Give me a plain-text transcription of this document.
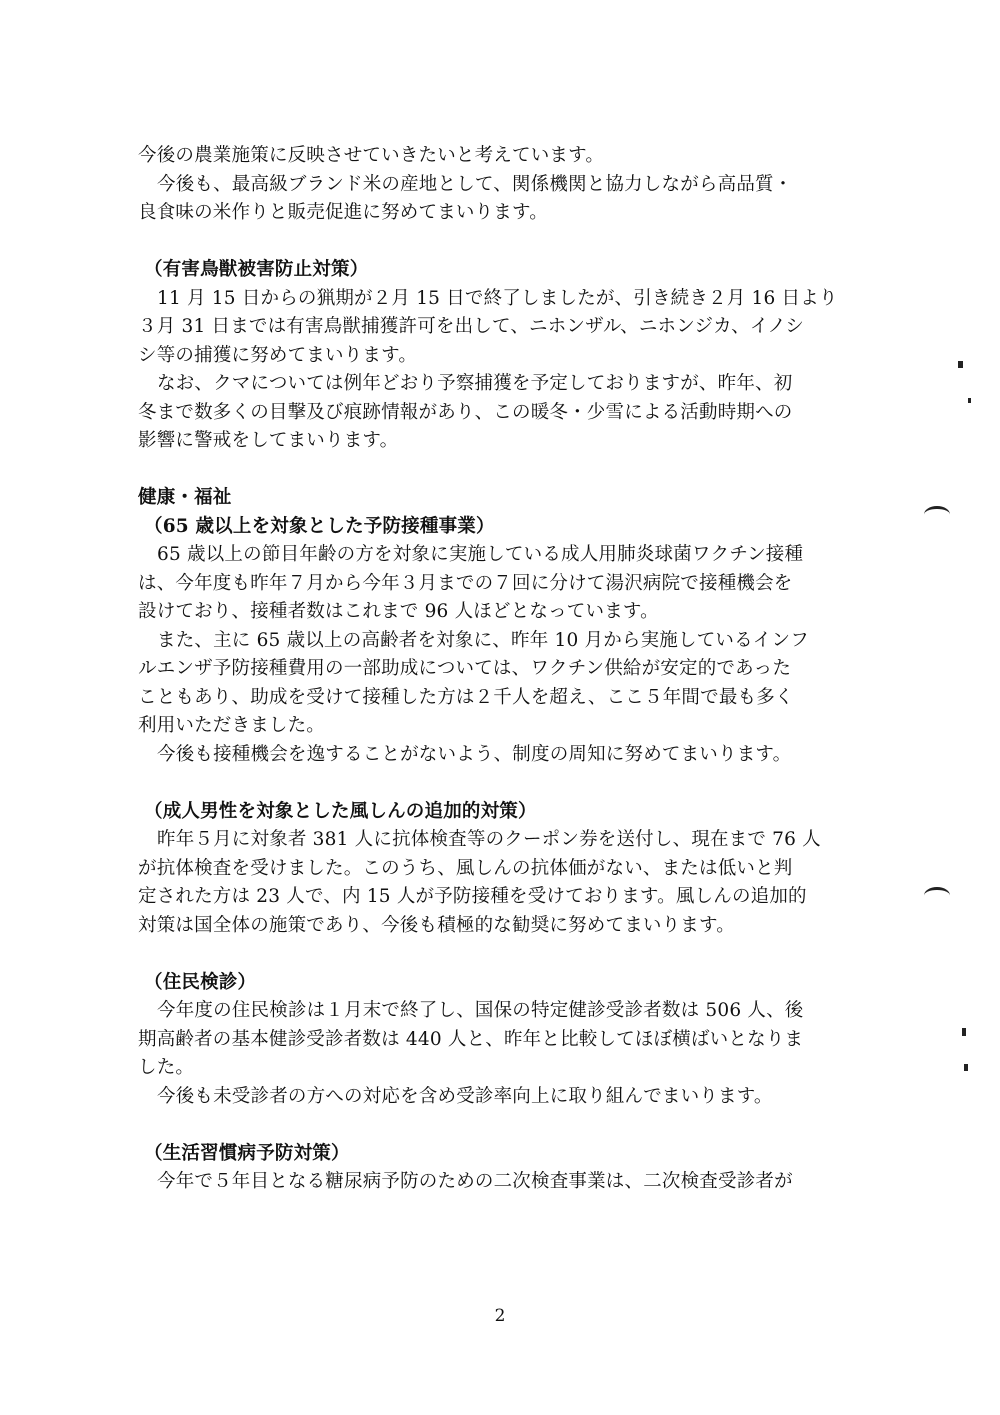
今後の農業施策に反映させていきたいと考えています。
今後も、最高級ブランド米の産地として、関係機関と協力しながら高品質・
良食味の米作りと販売促進に努めてまいります。
（有害鳥獣被害防止対策）
11 月 15 日からの猟期が２月 15 日で終了しましたが、引き続き２月 16 日より
３月 31 日までは有害鳥獣捕獲許可を出して、ニホンザル、ニホンジカ、イノシ
シ等の捕獲に努めてまいります。
なお、クマについては例年どおり予察捕獲を予定しておりますが、昨年、初
冬まで数多くの目撃及び痕跡情報があり、この暖冬・少雪による活動時期への
影響に警戒をしてまいります。
健康・福祉
（65 歳以上を対象とした予防接種事業）
65 歳以上の節目年齢の方を対象に実施している成人用肺炎球菌ワクチン接種
は、今年度も昨年７月から今年３月までの７回に分けて湯沢病院で接種機会を
設けており、接種者数はこれまで 96 人ほどとなっています。
また、主に 65 歳以上の高齢者を対象に、昨年 10 月から実施しているインフ
ルエンザ予防接種費用の一部助成については、ワクチン供給が安定的であった
こともあり、助成を受けて接種した方は２千人を超え、ここ５年間で最も多く
利用いただきました。
今後も接種機会を逸することがないよう、制度の周知に努めてまいります。
（成人男性を対象とした風しんの追加的対策）
昨年５月に対象者 381 人に抗体検査等のクーポン券を送付し、現在まで 76 人
が抗体検査を受けました。このうち、風しんの抗体価がない、または低いと判
定された方は 23 人で、内 15 人が予防接種を受けております。風しんの追加的
対策は国全体の施策であり、今後も積極的な勧奨に努めてまいります。
（住民検診）
今年度の住民検診は１月末で終了し、国保の特定健診受診者数は 506 人、後
期高齢者の基本健診受診者数は 440 人と、昨年と比較してほぼ横ばいとなりま
した。
今後も未受診者の方への対応を含め受診率向上に取り組んでまいります。
（生活習慣病予防対策）
今年で５年目となる糖尿病予防のための二次検査事業は、二次検査受診者が
2
